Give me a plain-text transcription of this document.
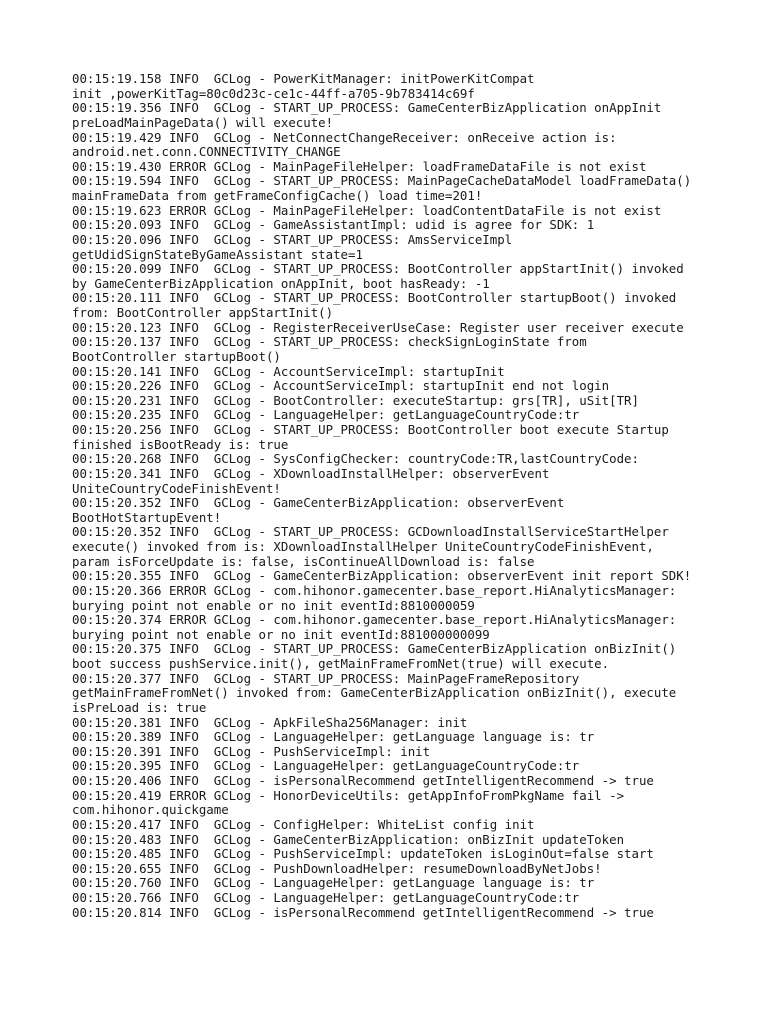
00:15:19.158 INFO  GCLog - PowerKitManager: initPowerKitCompat
init ,powerKitTag=80c0d23c-ce1c-44ff-a705-9b783414c69f
00:15:19.356 INFO  GCLog - START_UP_PROCESS: GameCenterBizApplication onAppInit
preLoadMainPageData() will execute!
00:15:19.429 INFO  GCLog - NetConnectChangeReceiver: onReceive action is:
android.net.conn.CONNECTIVITY_CHANGE
00:15:19.430 ERROR GCLog - MainPageFileHelper: loadFrameDataFile is not exist
00:15:19.594 INFO  GCLog - START_UP_PROCESS: MainPageCacheDataModel loadFrameData()
mainFrameData from getFrameConfigCache() load time=201!
00:15:19.623 ERROR GCLog - MainPageFileHelper: loadContentDataFile is not exist
00:15:20.093 INFO  GCLog - GameAssistantImpl: udid is agree for SDK: 1
00:15:20.096 INFO  GCLog - START_UP_PROCESS: AmsServiceImpl
getUdidSignStateByGameAssistant state=1
00:15:20.099 INFO  GCLog - START_UP_PROCESS: BootController appStartInit() invoked
by GameCenterBizApplication onAppInit, boot hasReady: -1
00:15:20.111 INFO  GCLog - START_UP_PROCESS: BootController startupBoot() invoked
from: BootController appStartInit()
00:15:20.123 INFO  GCLog - RegisterReceiverUseCase: Register user receiver execute
00:15:20.137 INFO  GCLog - START_UP_PROCESS: checkSignLoginState from
BootController startupBoot()
00:15:20.141 INFO  GCLog - AccountServiceImpl: startupInit
00:15:20.226 INFO  GCLog - AccountServiceImpl: startupInit end not login
00:15:20.231 INFO  GCLog - BootController: executeStartup: grs[TR], uSit[TR]
00:15:20.235 INFO  GCLog - LanguageHelper: getLanguageCountryCode:tr
00:15:20.256 INFO  GCLog - START_UP_PROCESS: BootController boot execute Startup
finished isBootReady is: true
00:15:20.268 INFO  GCLog - SysConfigChecker: countryCode:TR,lastCountryCode:
00:15:20.341 INFO  GCLog - XDownloadInstallHelper: observerEvent
UniteCountryCodeFinishEvent!
00:15:20.352 INFO  GCLog - GameCenterBizApplication: observerEvent
BootHotStartupEvent!
00:15:20.352 INFO  GCLog - START_UP_PROCESS: GCDownloadInstallServiceStartHelper
execute() invoked from is: XDownloadInstallHelper UniteCountryCodeFinishEvent,
param isForceUpdate is: false, isContinueAllDownload is: false
00:15:20.355 INFO  GCLog - GameCenterBizApplication: observerEvent init report SDK!
00:15:20.366 ERROR GCLog - com.hihonor.gamecenter.base_report.HiAnalyticsManager:
burying point not enable or no init eventId:8810000059
00:15:20.374 ERROR GCLog - com.hihonor.gamecenter.base_report.HiAnalyticsManager:
burying point not enable or no init eventId:881000000099
00:15:20.375 INFO  GCLog - START_UP_PROCESS: GameCenterBizApplication onBizInit()
boot success pushService.init(), getMainFrameFromNet(true) will execute.
00:15:20.377 INFO  GCLog - START_UP_PROCESS: MainPageFrameRepository
getMainFrameFromNet() invoked from: GameCenterBizApplication onBizInit(), execute
isPreLoad is: true
00:15:20.381 INFO  GCLog - ApkFileSha256Manager: init
00:15:20.389 INFO  GCLog - LanguageHelper: getLanguage language is: tr
00:15:20.391 INFO  GCLog - PushServiceImpl: init
00:15:20.395 INFO  GCLog - LanguageHelper: getLanguageCountryCode:tr
00:15:20.406 INFO  GCLog - isPersonalRecommend getIntelligentRecommend -> true
00:15:20.419 ERROR GCLog - HonorDeviceUtils: getAppInfoFromPkgName fail ->
com.hihonor.quickgame
00:15:20.417 INFO  GCLog - ConfigHelper: WhiteList config init
00:15:20.483 INFO  GCLog - GameCenterBizApplication: onBizInit updateToken
00:15:20.485 INFO  GCLog - PushServiceImpl: updateToken isLoginOut=false start
00:15:20.655 INFO  GCLog - PushDownloadHelper: resumeDownloadByNetJobs!
00:15:20.760 INFO  GCLog - LanguageHelper: getLanguage language is: tr
00:15:20.766 INFO  GCLog - LanguageHelper: getLanguageCountryCode:tr
00:15:20.814 INFO  GCLog - isPersonalRecommend getIntelligentRecommend -> true
